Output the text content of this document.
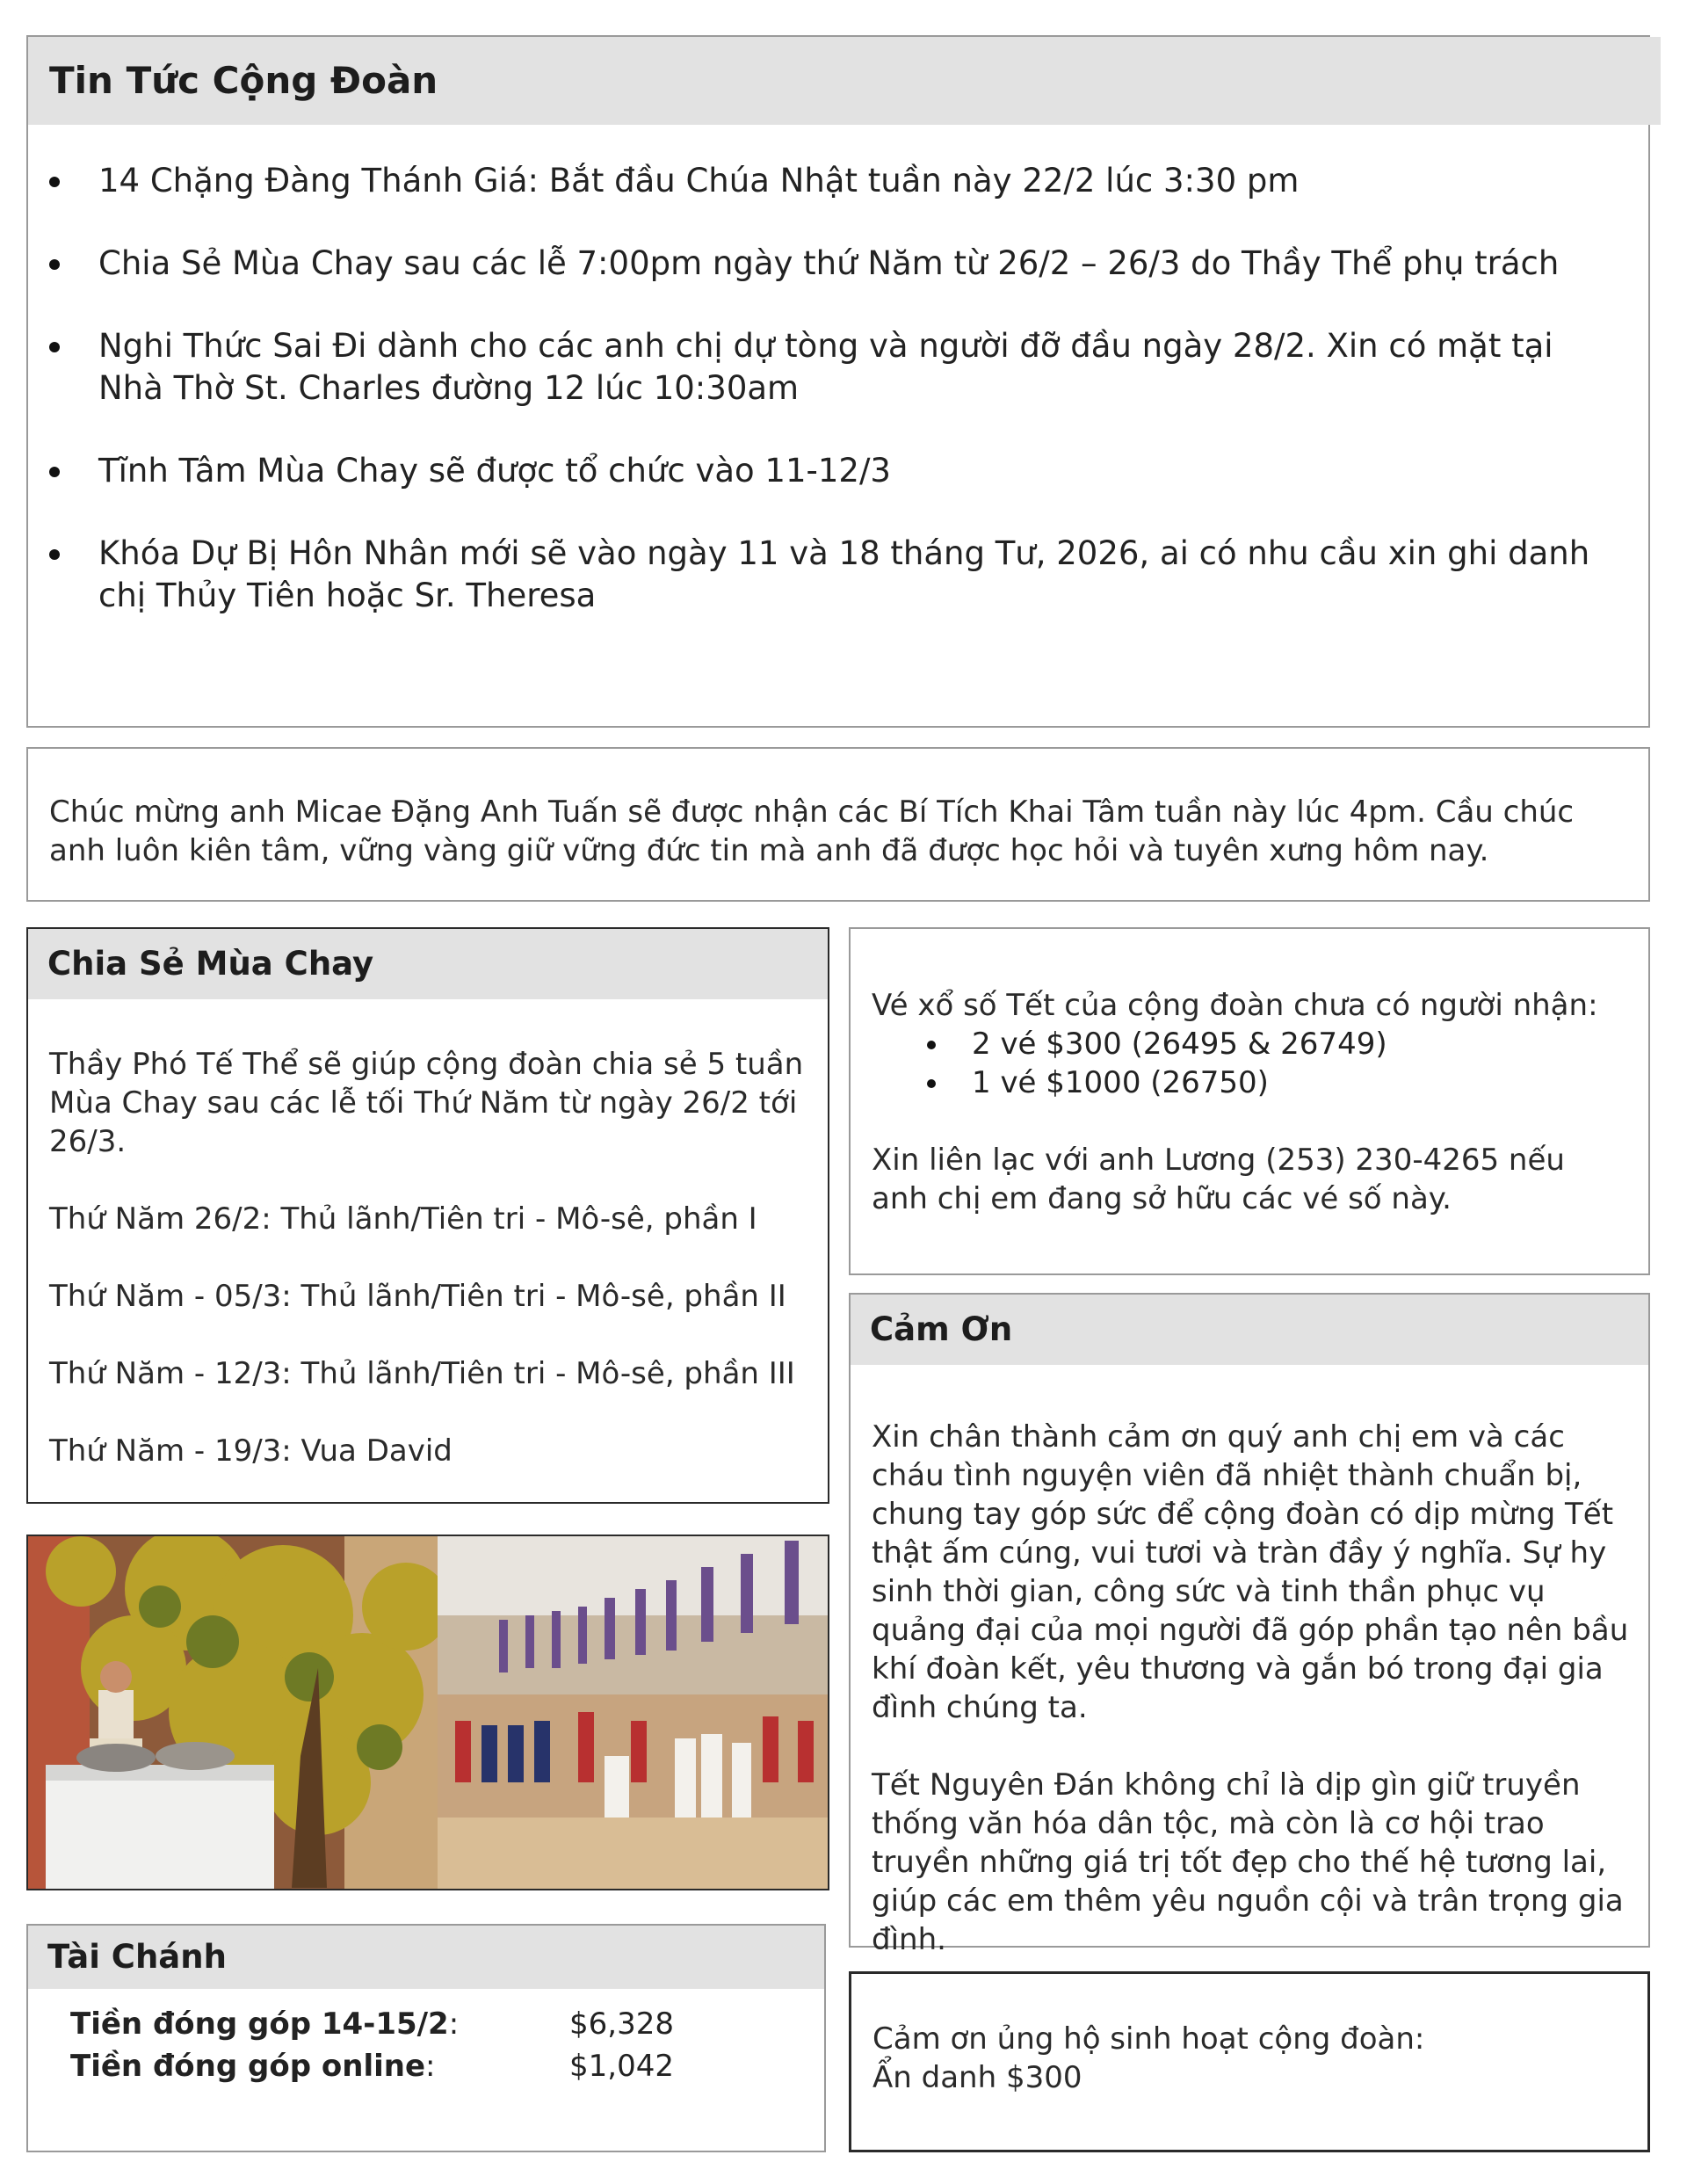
Tin Tức Cộng Đoàn
14 Chặng Đàng Thánh Giá: Bắt đầu Chúa Nhật tuần này 22/2 lúc 3:30 pm
Chia Sẻ Mùa Chay sau các lễ 7:00pm ngày thứ Năm từ 26/2 – 26/3 do Thầy Thể phụ trách
Nghi Thức Sai Đi dành cho các anh chị dự tòng và người đỡ đầu ngày 28/2. Xin có mặt tại Nhà Thờ St. Charles đường 12 lúc 10:30am
Tĩnh Tâm Mùa Chay sẽ được tổ chức vào 11-12/3
Khóa Dự Bị Hôn Nhân mới sẽ vào ngày 11 và 18 tháng Tư, 2026, ai có nhu cầu xin ghi danh chị Thủy Tiên hoặc Sr. Theresa

Chúc mừng anh Micae Đặng Anh Tuấn sẽ được nhận các Bí Tích Khai Tâm tuần này lúc 4pm. Cầu chúc anh luôn kiên tâm, vững vàng giữ vững đức tin mà anh đã được học hỏi và tuyên xưng hôm nay.

Chia Sẻ Mùa Chay

Thầy Phó Tế Thể sẽ giúp cộng đoàn chia sẻ 5 tuần Mùa Chay sau các lễ tối Thứ Năm từ ngày 26/2 tới 26/3.

Thứ Năm 26/2: Thủ lãnh/Tiên tri - Mô-sê, phần I

Thứ Năm - 05/3: Thủ lãnh/Tiên tri - Mô-sê, phần II

Thứ Năm - 12/3: Thủ lãnh/Tiên tri - Mô-sê, phần III

Thứ Năm - 19/3: Vua David

Tài Chánh
Tiền đóng góp 14-15/2:	$6,328
Tiền đóng góp online:	$1,042

Vé xổ số Tết của cộng đoàn chưa có người nhận:

2 vé $300 (26495 & 26749)
1 vé $1000 (26750)

Xin liên lạc với anh Lương (253) 230-4265 nếu anh chị em đang sở hữu các vé số này.

Cảm Ơn

Xin chân thành cảm ơn quý anh chị em và các cháu tình nguyện viên đã nhiệt thành chuẩn bị, chung tay góp sức để cộng đoàn có dịp mừng Tết thật ấm cúng, vui tươi và tràn đầy ý nghĩa. Sự hy sinh thời gian, công sức và tinh thần phục vụ quảng đại của mọi người đã góp phần tạo nên bầu khí đoàn kết, yêu thương và gắn bó trong đại gia đình chúng ta.

Tết Nguyên Đán không chỉ là dịp gìn giữ truyền thống văn hóa dân tộc, mà còn là cơ hội trao truyền những giá trị tốt đẹp cho thế hệ tương lai, giúp các em thêm yêu nguồn cội và trân trọng gia đình.

Cảm ơn ủng hộ sinh hoạt cộng đoàn:

Ẩn danh $300
